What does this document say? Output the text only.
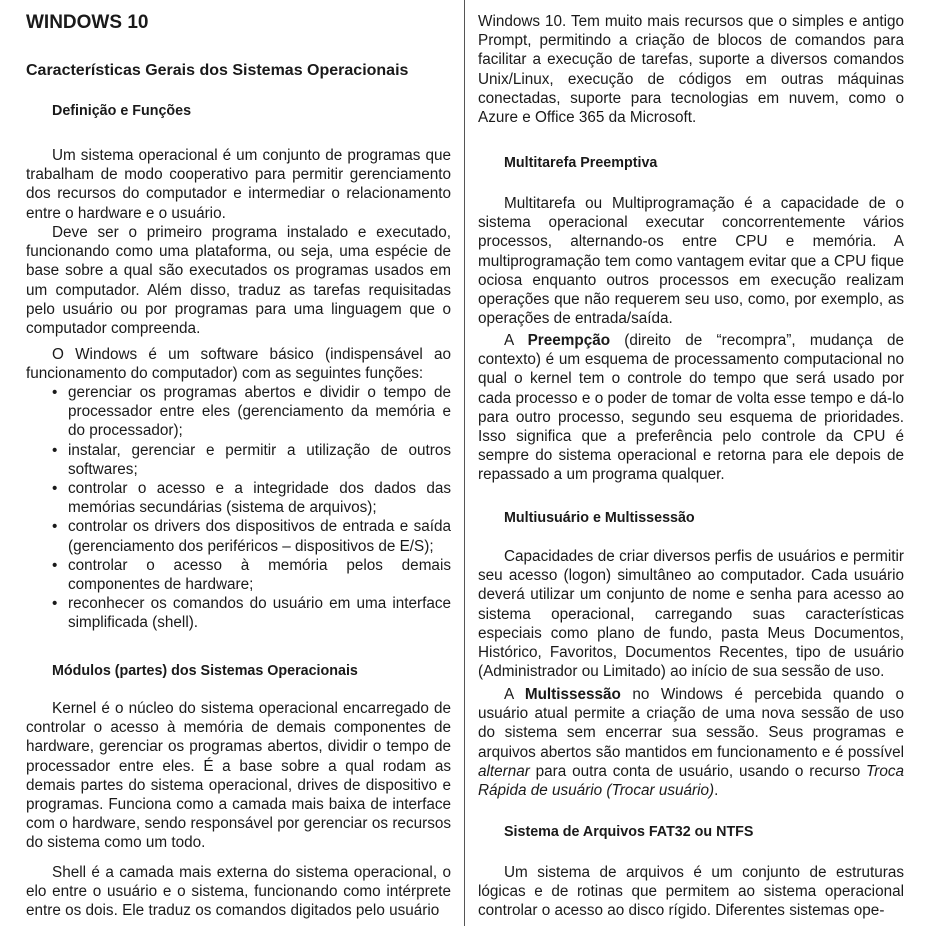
WINDOWS 10
Características Gerais dos Sistemas Operacionais
Definição e Funções

Um sistema operacional é um conjunto de programas que trabalham de modo cooperativo para permitir gerenciamento dos recursos do computador e intermediar o relacionamento entre o hardware e o usuário.

Deve ser o primeiro programa instalado e executado, funcionando como uma plataforma, ou seja, uma espécie de base sobre a qual são executados os programas usados em um computador. Além disso, traduz as tarefas requisitadas pelo usuário ou por programas para uma linguagem que o computador compreenda.

O Windows é um software básico (indispensável ao funcionamento do computador) com as seguintes funções:

• gerenciar os programas abertos e dividir o tempo de processador entre eles (gerenciamento da memória e do processador);
• instalar, gerenciar e permitir a utilização de outros softwares;
• controlar o acesso e a integridade dos dados das memórias secundárias (sistema de arquivos);
• controlar os drivers dos dispositivos de entrada e saída (gerenciamento dos periféricos – dispositivos de E/S);
• controlar o acesso à memória pelos demais componentes de hardware;
• reconhecer os comandos do usuário em uma interface simplificada (shell).
Módulos (partes) dos Sistemas Operacionais

Kernel é o núcleo do sistema operacional encarregado de controlar o acesso à memória de demais componentes de hardware, gerenciar os programas abertos, dividir o tempo de processador entre eles. É a base sobre a qual rodam as demais partes do sistema operacional, drives de dispositivo e programas. Funciona como a camada mais baixa de interface com o hardware, sendo responsável por gerenciar os recursos do sistema como um todo.

Shell é a camada mais externa do sistema operacional, o elo entre o usuário e o sistema, funcionando como intérprete entre os dois. Ele traduz os comandos digitados pelo usuário

Windows 10. Tem muito mais recursos que o simples e antigo Prompt, permitindo a criação de blocos de comandos para facilitar a execução de tarefas, suporte a diversos comandos Unix/Linux, execução de códigos em outras máquinas conectadas, suporte para tecnologias em nuvem, como o Azure e Office 365 da Microsoft.

Multitarefa Preemptiva

Multitarefa ou Multiprogramação é a capacidade de o sistema operacional executar concorrentemente vários processos, alternando-os entre CPU e memória. A multiprogramação tem como vantagem evitar que a CPU fique ociosa enquanto outros processos em execução realizam operações que não requerem seu uso, como, por exemplo, as operações de entrada/saída.

A Preempção (direito de “recompra”, mudança de contexto) é um esquema de processamento computacional no qual o kernel tem o controle do tempo que será usado por cada processo e o poder de tomar de volta esse tempo e dá-lo para outro processo, segundo seu esquema de prioridades. Isso significa que a preferência pelo controle da CPU é sempre do sistema operacional e retorna para ele depois de repassado a um programa qualquer.

Multiusuário e Multissessão

Capacidades de criar diversos perfis de usuários e permitir seu acesso (logon) simultâneo ao computador. Cada usuário deverá utilizar um conjunto de nome e senha para acesso ao sistema operacional, carregando suas características especiais como plano de fundo, pasta Meus Documentos, Histórico, Favoritos, Documentos Recentes, tipo de usuário (Administrador ou Limitado) ao início de sua sessão de uso.

A Multissessão no Windows é percebida quando o usuário atual permite a criação de uma nova sessão de uso do sistema sem encerrar sua sessão. Seus programas e arquivos abertos são mantidos em funcionamento e é possível alternar para outra conta de usuário, usando o recurso Troca Rápida de usuário (Trocar usuário).

Sistema de Arquivos FAT32 ou NTFS

Um sistema de arquivos é um conjunto de estruturas lógicas e de rotinas que permitem ao sistema operacional controlar o acesso ao disco rígido. Diferentes sistemas ope-
